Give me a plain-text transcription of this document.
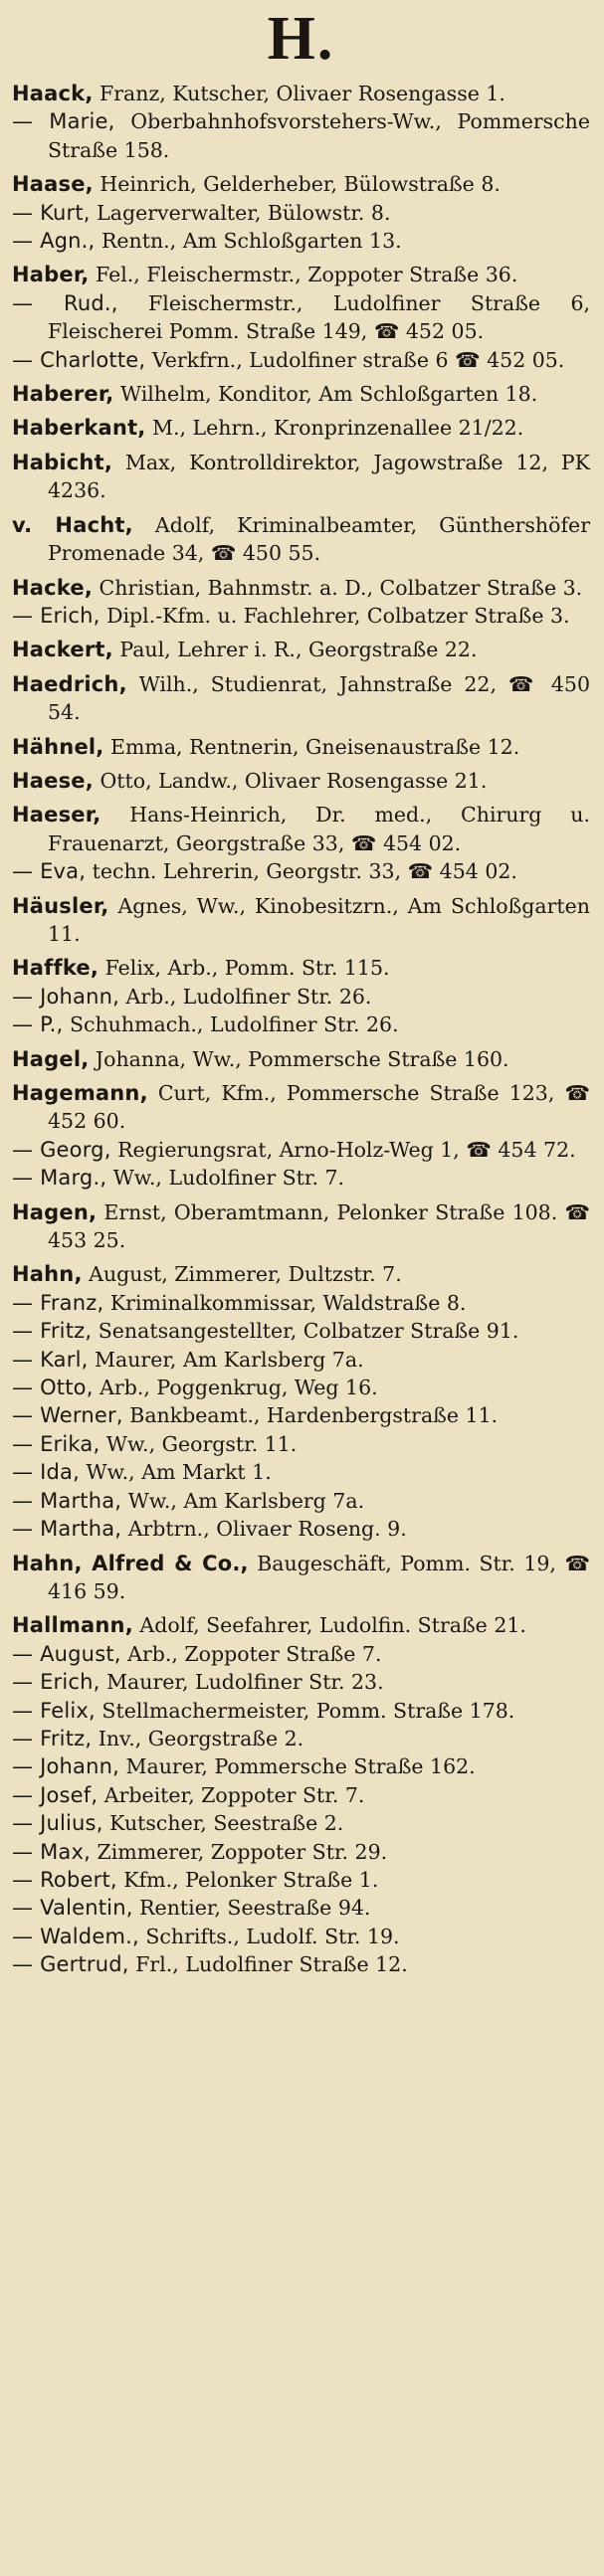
H.
Haack, Franz, Kutscher, Olivaer Rosengasse 1.
— Marie, Oberbahnhofsvorstehers-Ww., Pommersche Straße 158.
Haase, Heinrich, Gelderheber, Bülowstraße 8.
— Kurt, Lagerverwalter, Bülowstr. 8.
— Agn., Rentn., Am Schloßgarten 13.
Haber, Fel., Fleischermstr., Zoppoter Straße 36.
— Rud., Fleischermstr., Ludolfiner Straße 6, Fleischerei Pomm. Straße 149, ☎ 452 05.
— Charlotte, Verkfrn., Ludolfiner straße 6 ☎ 452 05.
Haberer, Wilhelm, Konditor, Am Schloßgarten 18.
Haberkant, M., Lehrn., Kronprinzenallee 21/22.
Habicht, Max, Kontrolldirektor, Jagowstraße 12, PK 4236.
v. Hacht, Adolf, Kriminalbeamter, Günthershöfer Promenade 34, ☎ 450 55.
Hacke, Christian, Bahnmstr. a. D., Colbatzer Straße 3.
— Erich, Dipl.-Kfm. u. Fachlehrer, Colbatzer Straße 3.
Hackert, Paul, Lehrer i. R., Georgstraße 22.
Haedrich, Wilh., Studienrat, Jahnstraße 22, ☎ 450 54.
Hähnel, Emma, Rentnerin, Gneisenaustraße 12.
Haese, Otto, Landw., Olivaer Rosengasse 21.
Haeser, Hans-Heinrich, Dr. med., Chirurg u. Frauenarzt, Georgstraße 33, ☎ 454 02.
— Eva, techn. Lehrerin, Georgstr. 33, ☎ 454 02.
Häusler, Agnes, Ww., Kinobesitzrn., Am Schloßgarten 11.
Haffke, Felix, Arb., Pomm. Str. 115.
— Johann, Arb., Ludolfiner Str. 26.
— P., Schuhmach., Ludolfiner Str. 26.
Hagel, Johanna, Ww., Pommersche Straße 160.
Hagemann, Curt, Kfm., Pommersche Straße 123, ☎ 452 60.
— Georg, Regierungsrat, Arno-Holz-Weg 1, ☎ 454 72.
— Marg., Ww., Ludolfiner Str. 7.
Hagen, Ernst, Oberamtmann, Pelonker Straße 108. ☎ 453 25.
Hahn, August, Zimmerer, Dultzstr. 7.
— Franz, Kriminalkommissar, Waldstraße 8.
— Fritz, Senatsangestellter, Colbatzer Straße 91.
— Karl, Maurer, Am Karlsberg 7a.
— Otto, Arb., Poggenkrug, Weg 16.
— Werner, Bankbeamt., Hardenbergstraße 11.
— Erika, Ww., Georgstr. 11.
— Ida, Ww., Am Markt 1.
— Martha, Ww., Am Karlsberg 7a.
— Martha, Arbtrn., Olivaer Roseng. 9.
Hahn, Alfred & Co., Baugeschäft, Pomm. Str. 19, ☎ 416 59.
Hallmann, Adolf, Seefahrer, Ludolfin. Straße 21.
— August, Arb., Zoppoter Straße 7.
— Erich, Maurer, Ludolfiner Str. 23.
— Felix, Stellmachermeister, Pomm. Straße 178.
— Fritz, Inv., Georgstraße 2.
— Johann, Maurer, Pommersche Straße 162.
— Josef, Arbeiter, Zoppoter Str. 7.
— Julius, Kutscher, Seestraße 2.
— Max, Zimmerer, Zoppoter Str. 29.
— Robert, Kfm., Pelonker Straße 1.
— Valentin, Rentier, Seestraße 94.
— Waldem., Schrifts., Ludolf. Str. 19.
— Gertrud, Frl., Ludolfiner Straße 12.
